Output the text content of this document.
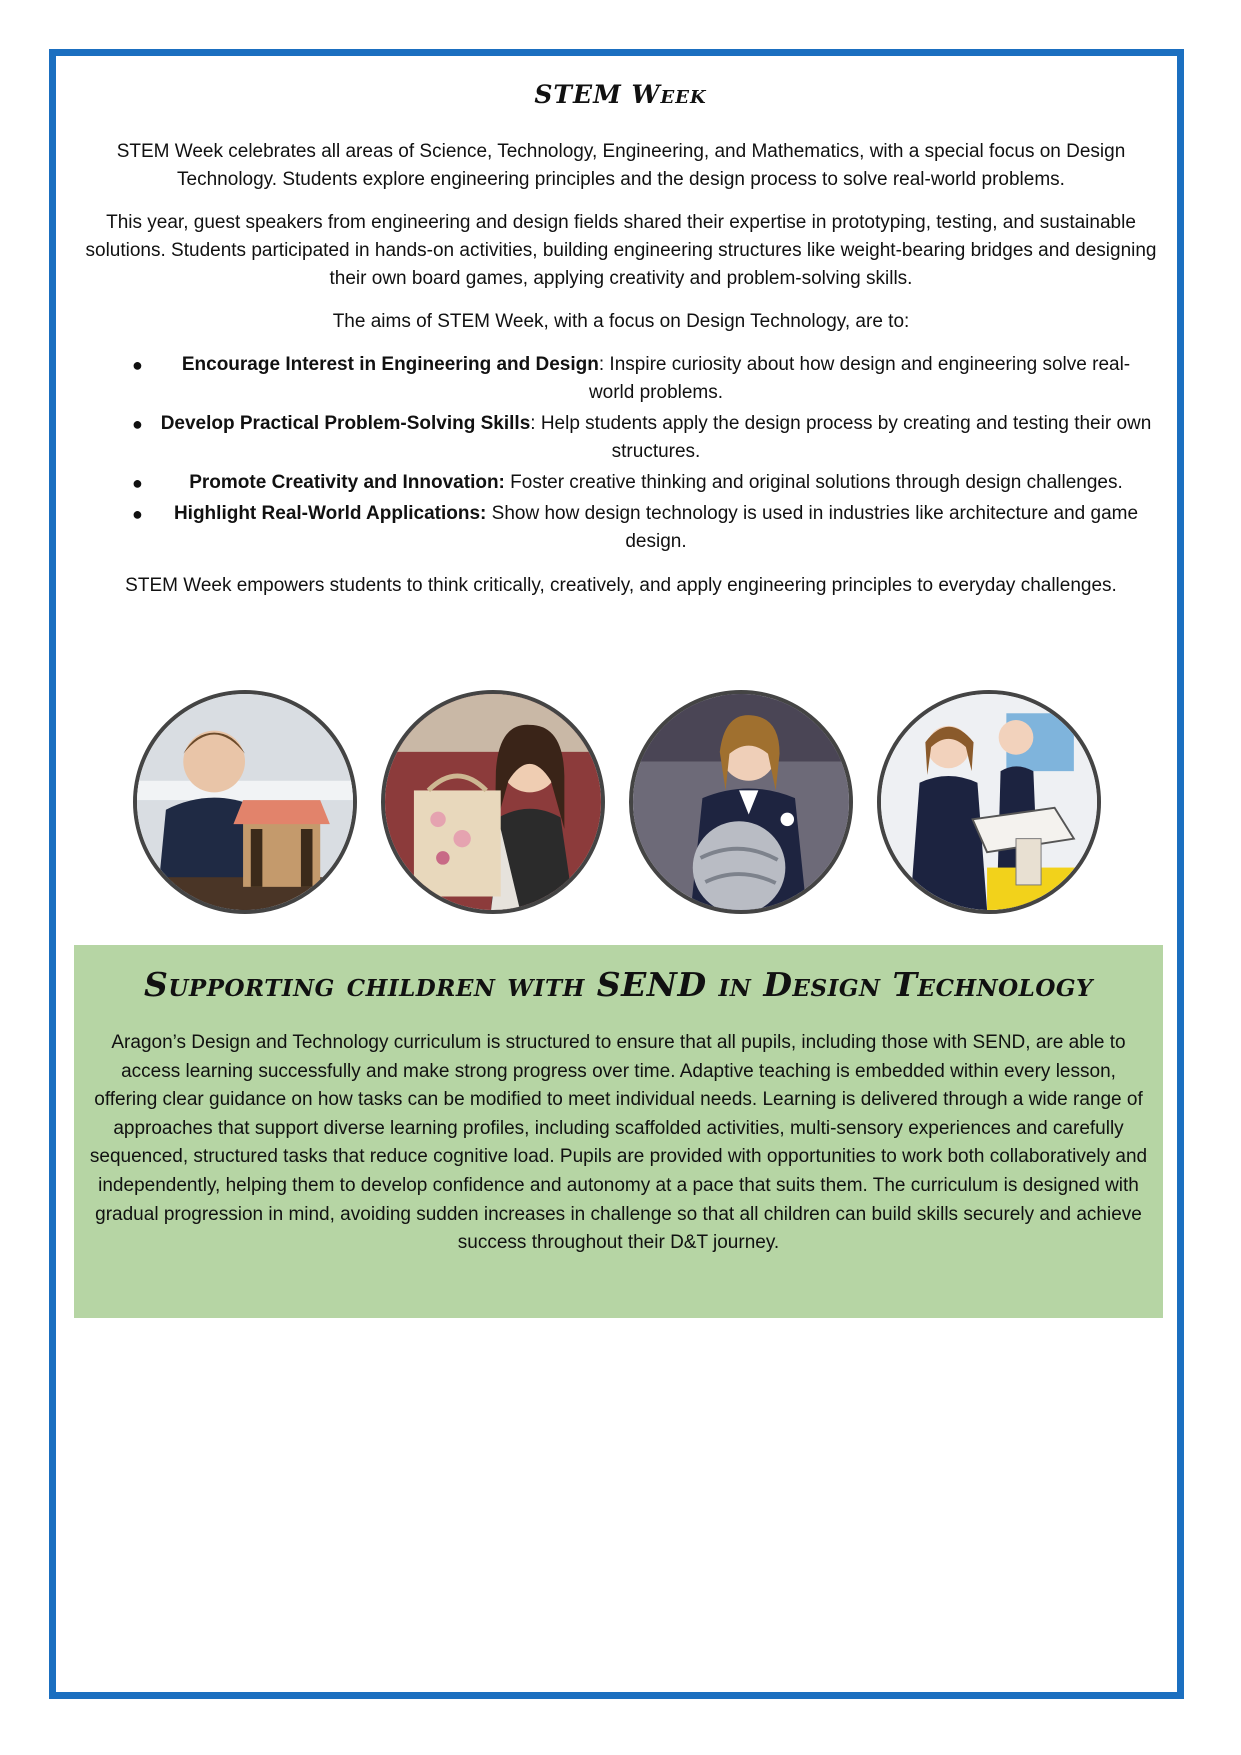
STEM Week

STEM Week celebrates all areas of Science, Technology, Engineering, and Mathematics, with a special focus on Design Technology. Students explore engineering principles and the design process to solve real-world problems.

This year, guest speakers from engineering and design fields shared their expertise in prototyping, testing, and sustainable solutions. Students participated in hands-on activities, building engineering structures like weight-bearing bridges and designing their own board games, applying creativity and problem-solving skills.

The aims of STEM Week, with a focus on Design Technology, are to:

● Encourage Interest in Engineering and Design: Inspire curiosity about how design and engineering solve real-world problems.
● Develop Practical Problem-Solving Skills: Help students apply the design process by creating and testing their own structures.
● Promote Creativity and Innovation: Foster creative thinking and original solutions through design challenges.
● Highlight Real-World Applications: Show how design technology is used in industries like architecture and game design.

STEM Week empowers students to think critically, creatively, and apply engineering principles to everyday challenges.

Supporting children with SEND in Design Technology

Aragon’s Design and Technology curriculum is structured to ensure that all pupils, including those with SEND, are able to access learning successfully and make strong progress over time. Adaptive teaching is embedded within every lesson, offering clear guidance on how tasks can be modified to meet individual needs. Learning is delivered through a wide range of approaches that support diverse learning profiles, including scaffolded activities, multi-sensory experiences and carefully sequenced, structured tasks that reduce cognitive load. Pupils are provided with opportunities to work both collaboratively and independently, helping them to develop confidence and autonomy at a pace that suits them. The curriculum is designed with gradual progression in mind, avoiding sudden increases in challenge so that all children can build skills securely and achieve success throughout their D&T journey.
